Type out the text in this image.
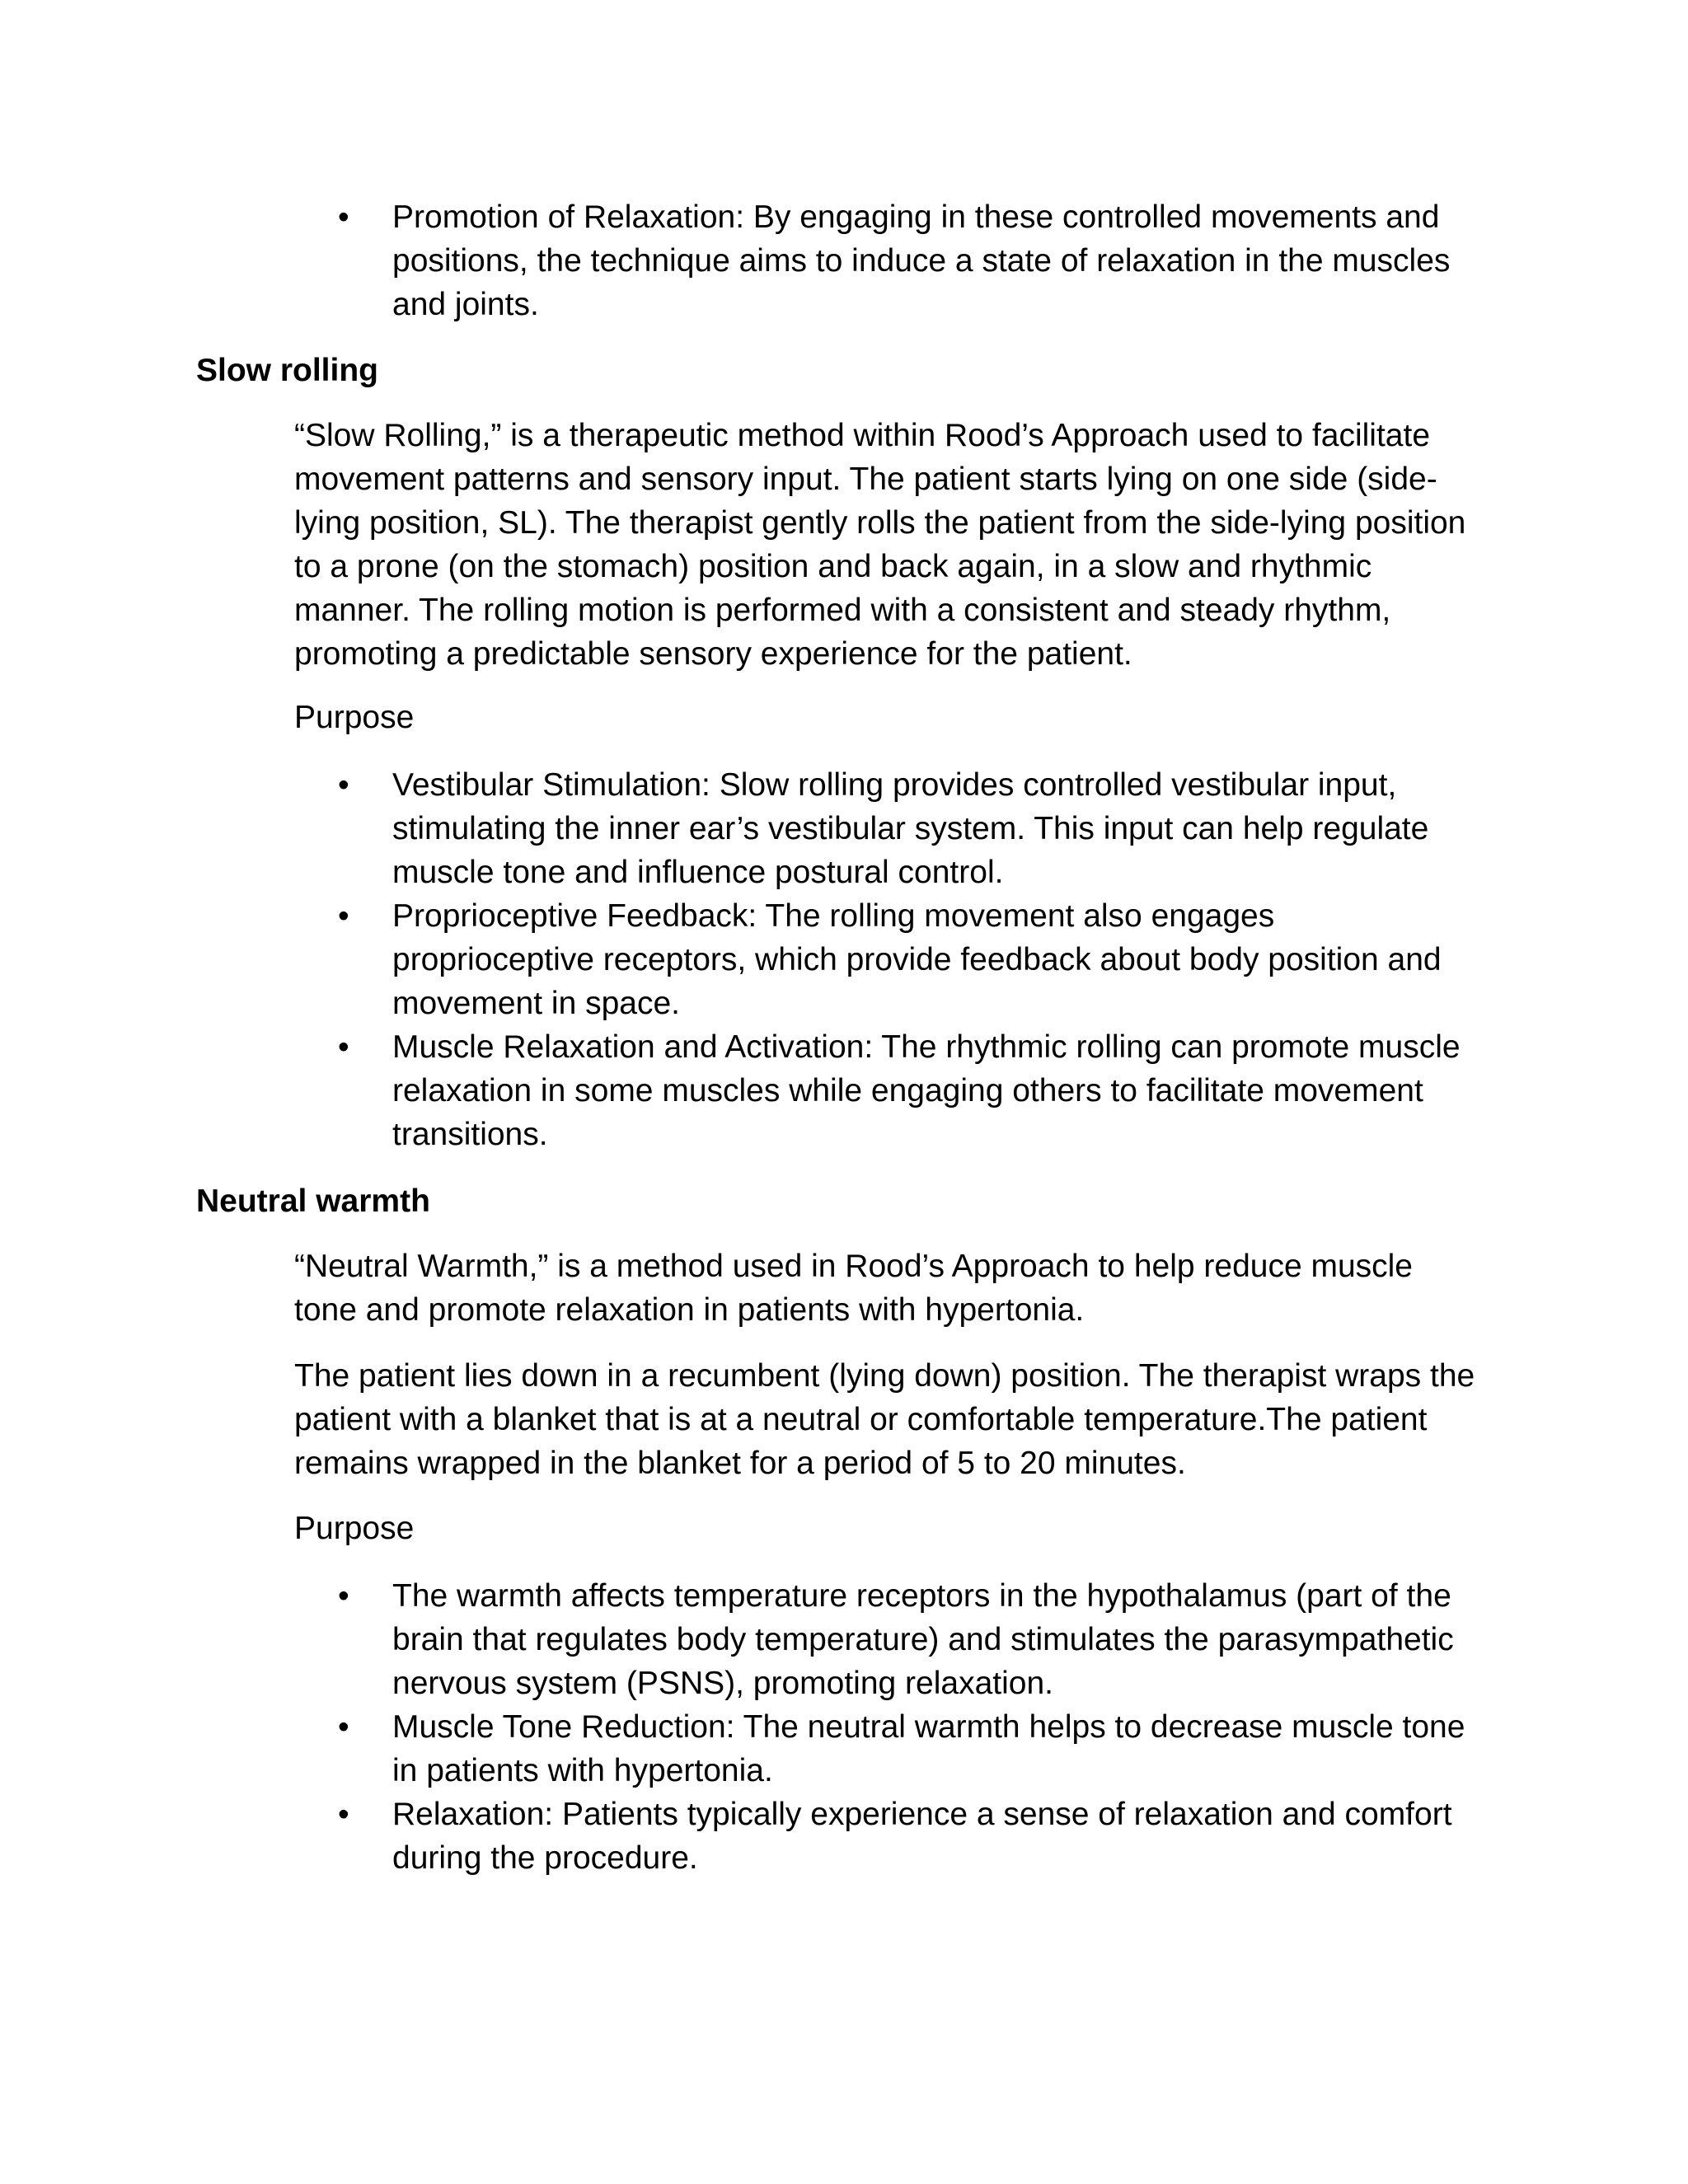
•	Promotion of Relaxation: By engaging in these controlled movements and positions, the technique aims to induce a state of relaxation in the muscles and joints.
Slow rolling

“Slow Rolling,” is a therapeutic method within Rood’s Approach used to facilitate movement patterns and sensory input. The patient starts lying on one side (side-lying position, SL). The therapist gently rolls the patient from the side-lying position to a prone (on the stomach) position and back again, in a slow and rhythmic manner. The rolling motion is performed with a consistent and steady rhythm, promoting a predictable sensory experience for the patient.

Purpose

•	Vestibular Stimulation: Slow rolling provides controlled vestibular input, stimulating the inner ear’s vestibular system. This input can help regulate muscle tone and influence postural control.
•	Proprioceptive Feedback: The rolling movement also engages proprioceptive receptors, which provide feedback about body position and movement in space.
•	Muscle Relaxation and Activation: The rhythmic rolling can promote muscle relaxation in some muscles while engaging others to facilitate movement transitions.
Neutral warmth

“Neutral Warmth,” is a method used in Rood’s Approach to help reduce muscle tone and promote relaxation in patients with hypertonia.

The patient lies down in a recumbent (lying down) position. The therapist wraps the patient with a blanket that is at a neutral or comfortable temperature.The patient remains wrapped in the blanket for a period of 5 to 20 minutes.

Purpose

•	The warmth affects temperature receptors in the hypothalamus (part of the brain that regulates body temperature) and stimulates the parasympathetic nervous system (PSNS), promoting relaxation.
•	Muscle Tone Reduction: The neutral warmth helps to decrease muscle tone in patients with hypertonia.
•	Relaxation: Patients typically experience a sense of relaxation and comfort during the procedure.
